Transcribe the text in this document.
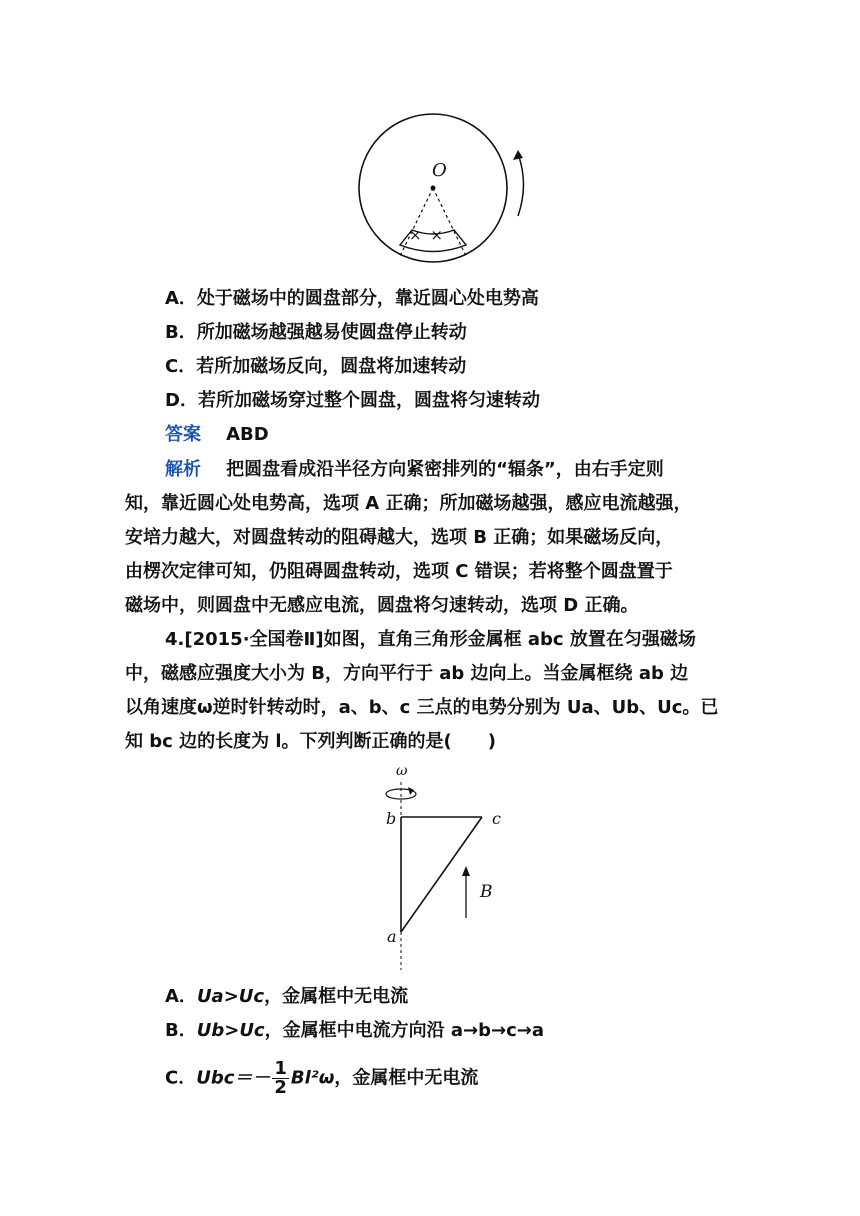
O
× ×
A．处于磁场中的圆盘部分，靠近圆心处电势高
B．所加磁场越强越易使圆盘停止转动
C．若所加磁场反向，圆盘将加速转动
D．若所加磁场穿过整个圆盘，圆盘将匀速转动
答案 ABD
解析 把圆盘看成沿半径方向紧密排列的“辐条”，由右手定则
知，靠近圆心处电势高，选项 A 正确；所加磁场越强，感应电流越强，
安培力越大，对圆盘转动的阻碍越大，选项 B 正确；如果磁场反向，
由楞次定律可知，仍阻碍圆盘转动，选项 C 错误；若将整个圆盘置于
磁场中，则圆盘中无感应电流，圆盘将匀速转动，选项 D 正确。
4.[2015·全国卷Ⅱ]如图，直角三角形金属框 abc 放置在匀强磁场
中，磁感应强度大小为 B，方向平行于 ab 边向上。当金属框绕 ab 边
以角速度ω逆时针转动时，a、b、c 三点的电势分别为 Ua、Ub、Uc。已
知 bc 边的长度为 l。下列判断正确的是(　　)
ω
b	c
a
B
A．Ua>Uc，金属框中无电流
B．Ub>Uc，金属框中电流方向沿 a→b→c→a
C．$Ubc=- \frac{1}{2} Bl^2\omega$，金属框中无电流
